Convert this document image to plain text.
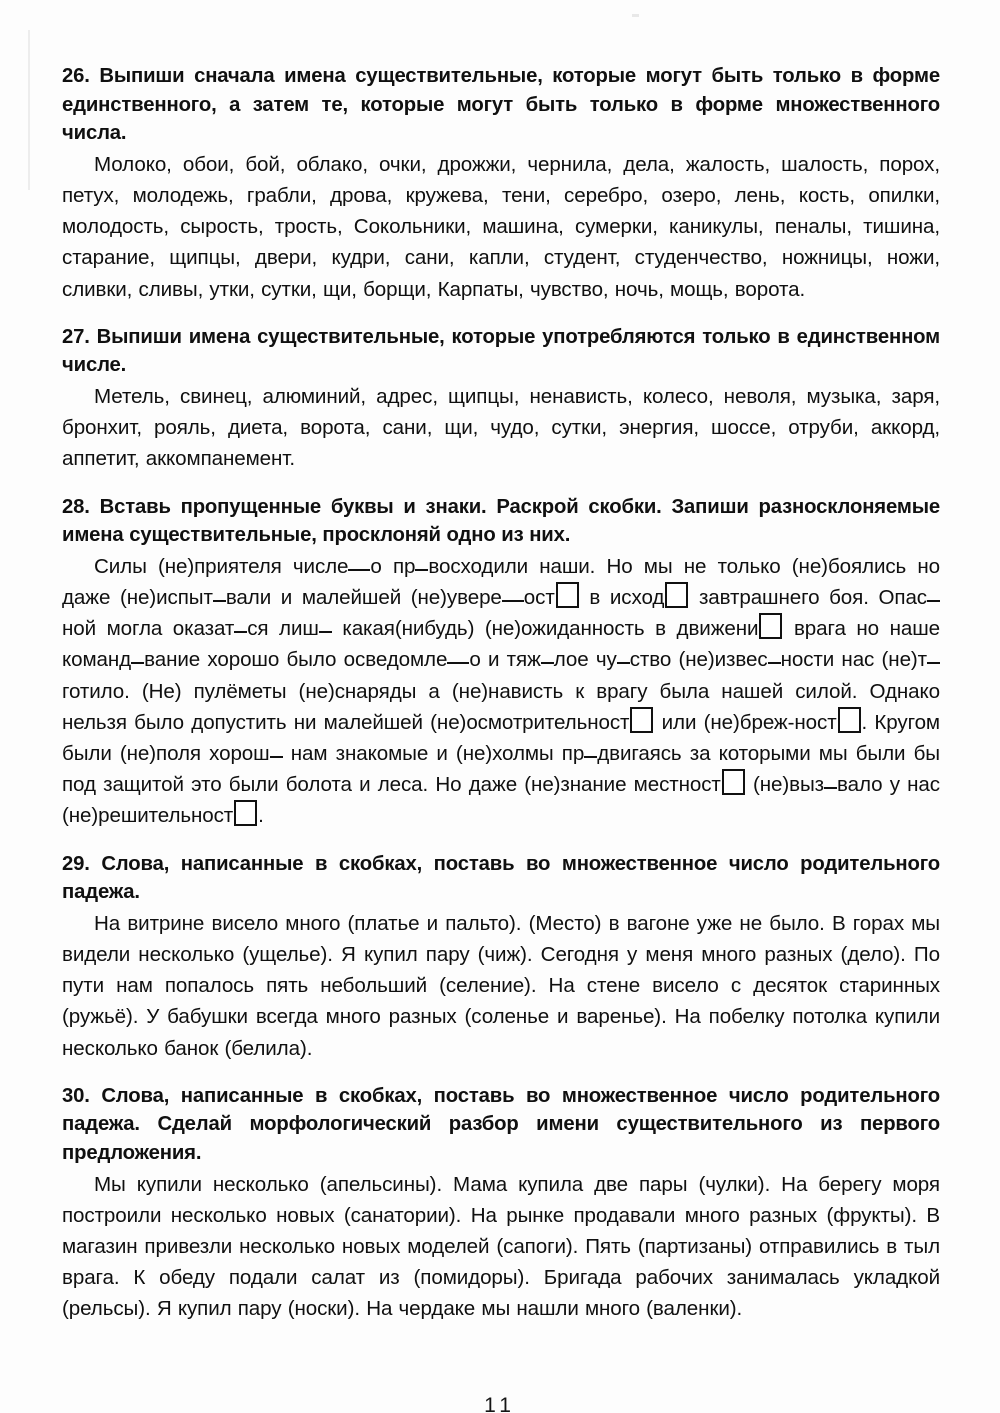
26. Выпиши сначала имена существительные, которые могут быть только в форме единственного, а затем те, которые могут быть только в форме множественного числа.

Молоко, обои, бой, облако, очки, дрожжи, чернила, дела, жалость, шалость, порох, петух, молодежь, грабли, дрова, кружева, тени, серебро, озеро, лень, кость, опилки, молодость, сырость, трость, Сокольники, машина, сумерки, каникулы, пеналы, тишина, старание, щипцы, двери, кудри, сани, капли, студент, студенчество, ножницы, ножи, сливки, сливы, утки, сутки, щи, борщи, Карпаты, чувство, ночь, мощь, ворота.

27. Выпиши имена существительные, которые употребляются только в единственном числе.

Метель, свинец, алюминий, адрес, щипцы, ненависть, колесо, неволя, музыка, заря, бронхит, рояль, диета, ворота, сани, щи, чудо, сутки, энергия, шоссе, отруби, аккорд, аппетит, аккомпанемент.

28. Вставь пропущенные буквы и знаки. Раскрой скобки. Запиши разносклоняемые имена существительные, просклоняй одно из них.

Силы (не)приятеля числе о пр восходили наши. Но мы не только (не)боялись но даже (не)испыт вали и малейшей (не)увере ост в исход завтрашнего боя. Опасной могла оказат ся лиш какая(нибудь) (не)ожиданность в движени врага но наше команд вание хорошо было осведомле о и тяж лое чу ство (не)извес ности нас (не)тготило. (Не) пулёметы (не)снаряды а (не)нависть к врагу была нашей силой. Однако нельзя было допустить ни малейшей (не)осмотрительност или (не)бреж-ност . Кругом были (не)поля хорош нам знакомые и (не)холмы пр двигаясь за которыми мы были бы под защитой это были болота и леса. Но даже (не)знание местност (не)выз вало у нас (не)решительност .

29. Слова, написанные в скобках, поставь во множественное число родительного падежа.

На витрине висело много (платье и пальто). (Место) в вагоне уже не было. В горах мы видели несколько (ущелье). Я купил пару (чиж). Сегодня у меня много разных (дело). По пути нам попалось пять небольший (селение). На стене висело с десяток старинных (ружьё). У бабушки всегда много разных (соленье и варенье). На побелку потолка купили несколько банок (белила).

30. Слова, написанные в скобках, поставь во множественное число родительного падежа. Сделай морфологический разбор имени существительного из первого предложения.

Мы купили несколько (апельсины). Мама купила две пары (чулки). На берегу моря построили несколько новых (санатории). На рынке продавали много разных (фрукты). В магазин привезли несколько новых моделей (сапоги). Пять (партизаны) отправились в тыл врага. К обеду подали салат из (помидоры). Бригада рабочих занималась укладкой (рельсы). Я купил пару (носки). На чердаке мы нашли много (валенки).

11
